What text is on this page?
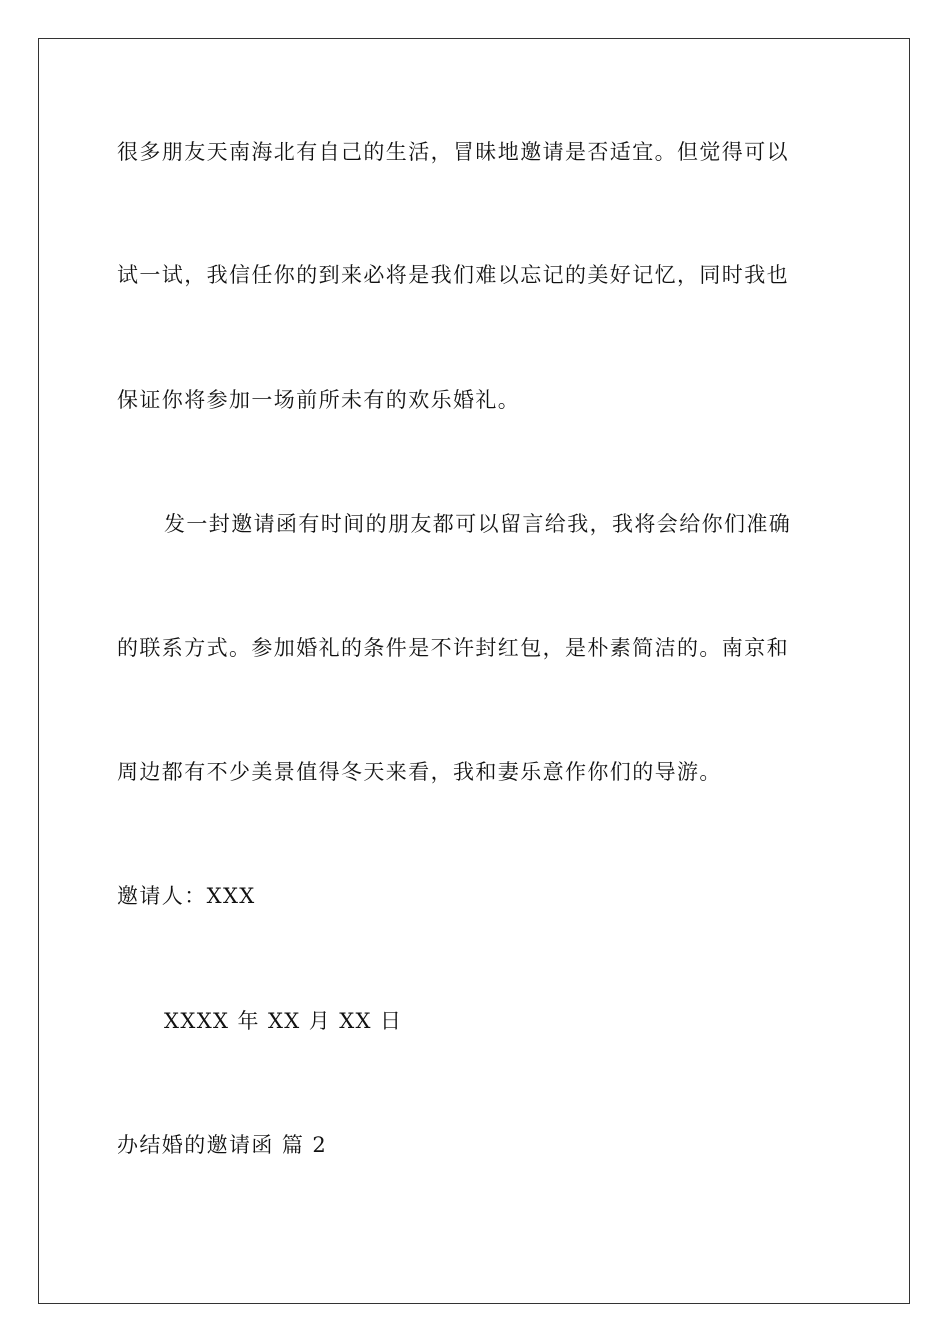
很多朋友天南海北有自己的生活，冒昧地邀请是否适宜。但觉得可以
试一试，我信任你的到来必将是我们难以忘记的美好记忆，同时我也
保证你将参加一场前所未有的欢乐婚礼。
发一封邀请函有时间的朋友都可以留言给我，我将会给你们准确
的联系方式。参加婚礼的条件是不许封红包，是朴素简洁的。南京和
周边都有不少美景值得冬天来看，我和妻乐意作你们的导游。
邀请人：XXX
XXXX 年 XX 月 XX 日
办结婚的邀请函 篇 2
